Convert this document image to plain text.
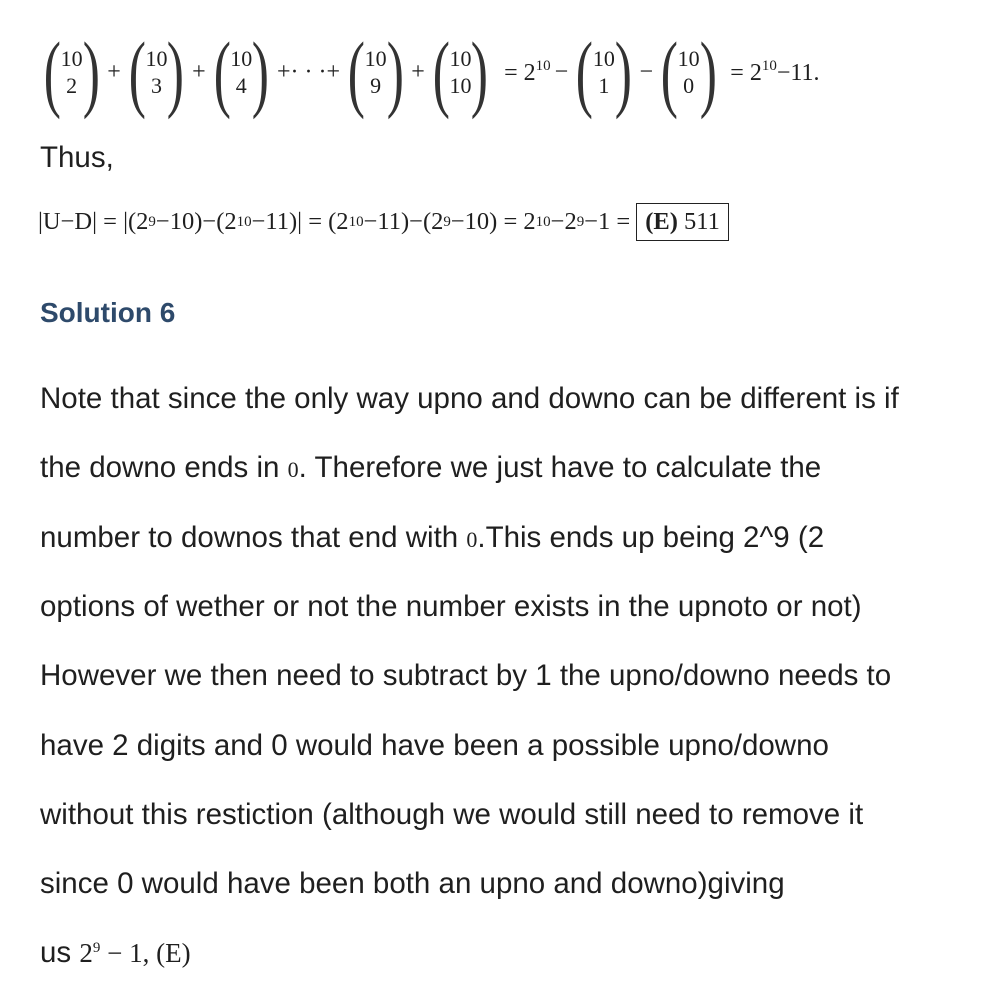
( 10
2 ) + ( 10
3 ) + ( 10
4 ) +· · ·+ ( 10
9 ) + ( 10
10 ) = $2^{10}$ − ( 10
1 ) − ( 10
0 ) = $2^{10}-11$.
Thus,
|U−D| = |(2 9 −10)−(2 10 −11)| = (2 10 −11)−(2 9 −10) = 2 10 −2 9 −1 = (E) 511
Solution 6
Note that since the only way upno and downo can be different is if
the downo ends in 0. Therefore we just have to calculate the
number to downos that end with 0.This ends up being 2^9 (2
options of wether or not the number exists in the upnoto or not)
However we then need to subtract by 1 the upno/downo needs to
have 2 digits and 0 would have been a possible upno/downo
without this restiction (although we would still need to remove it
since 0 would have been both an upno and downo)giving
us $2^9 - 1$, (E)
